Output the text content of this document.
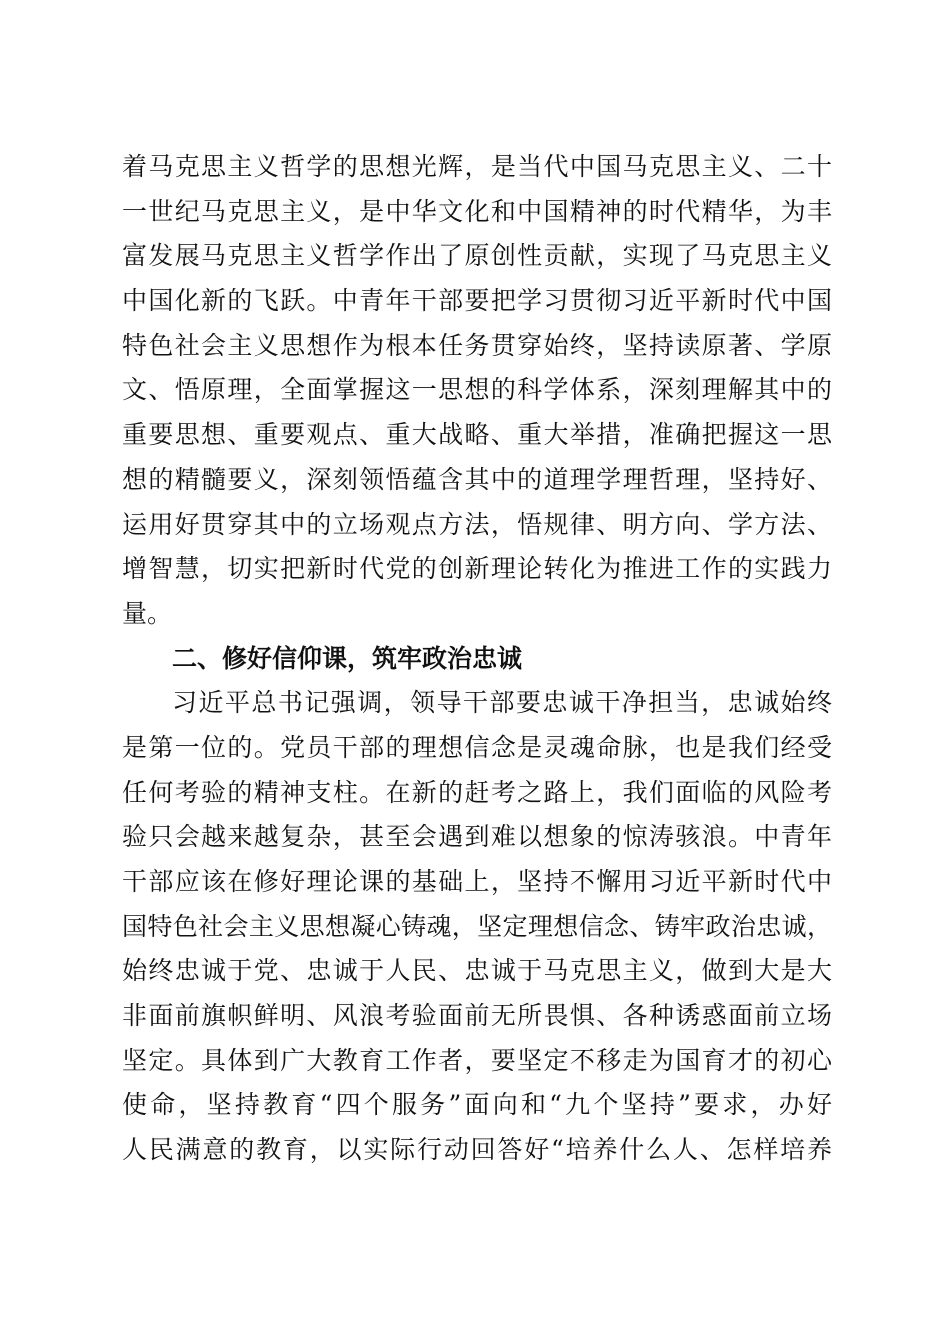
着马克思主义哲学的思想光辉，是当代中国马克思主义、二十
一世纪马克思主义，是中华文化和中国精神的时代精华，为丰
富发展马克思主义哲学作出了原创性贡献，实现了马克思主义
中国化新的飞跃。中青年干部要把学习贯彻习近平新时代中国
特色社会主义思想作为根本任务贯穿始终，坚持读原著、学原
文、悟原理，全面掌握这一思想的科学体系，深刻理解其中的
重要思想、重要观点、重大战略、重大举措，准确把握这一思
想的精髓要义，深刻领悟蕴含其中的道理学理哲理，坚持好、
运用好贯穿其中的立场观点方法，悟规律、明方向、学方法、
增智慧，切实把新时代党的创新理论转化为推进工作的实践力
量。
二、修好信仰课，筑牢政治忠诚
习近平总书记强调，领导干部要忠诚干净担当，忠诚始终
是第一位的。党员干部的理想信念是灵魂命脉，也是我们经受
任何考验的精神支柱。在新的赶考之路上，我们面临的风险考
验只会越来越复杂，甚至会遇到难以想象的惊涛骇浪。中青年
干部应该在修好理论课的基础上，坚持不懈用习近平新时代中
国特色社会主义思想凝心铸魂，坚定理想信念、铸牢政治忠诚，
始终忠诚于党、忠诚于人民、忠诚于马克思主义，做到大是大
非面前旗帜鲜明、风浪考验面前无所畏惧、各种诱惑面前立场
坚定。具体到广大教育工作者，要坚定不移走为国育才的初心
使命，坚持教育“四个服务”面向和“九个坚持”要求，办好
人民满意的教育，以实际行动回答好“培养什么人、怎样培养
